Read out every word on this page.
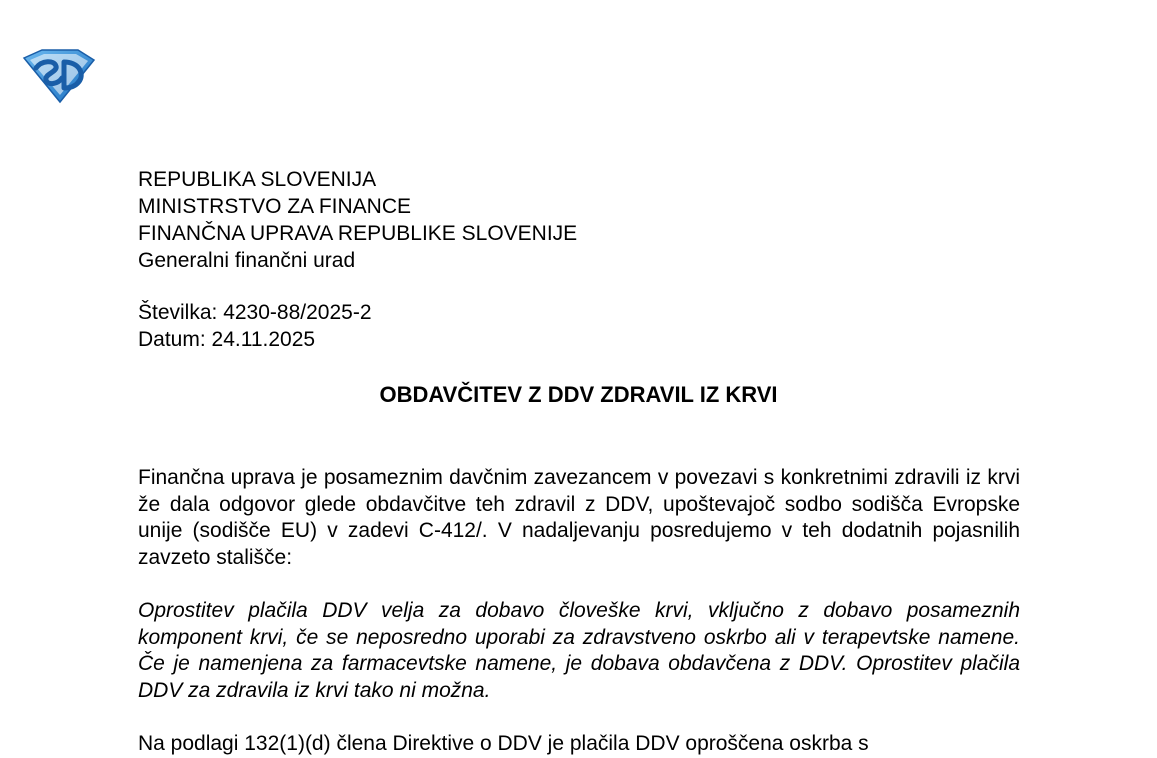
REPUBLIKA SLOVENIJA
MINISTRSTVO ZA FINANCE
FINANČNA UPRAVA REPUBLIKE SLOVENIJE
Generalni finančni urad
Številka: 4230-88/2025-2
Datum: 24.11.2025
OBDAVČITEV Z DDV ZDRAVIL IZ KRVI
Finančna uprava je posameznim davčnim zavezancem v povezavi s konkretnimi zdravili iz krvi že dala odgovor glede obdavčitve teh zdravil z DDV, upoštevajoč sodbo sodišča Evropske unije (sodišče EU) v zadevi C-412/. V nadaljevanju posredujemo v teh dodatnih pojasnilih zavzeto stališče:
Oprostitev plačila DDV velja za dobavo človeške krvi, vključno z dobavo posameznih komponent krvi, če se neposredno uporabi za zdravstveno oskrbo ali v terapevtske namene. Če je namenjena za farmacevtske namene, je dobava obdavčena z DDV. Oprostitev plačila DDV za zdravila iz krvi tako ni možna.
Na podlagi 132(1)(d) člena Direktive o DDV je plačila DDV oproščena oskrba s
